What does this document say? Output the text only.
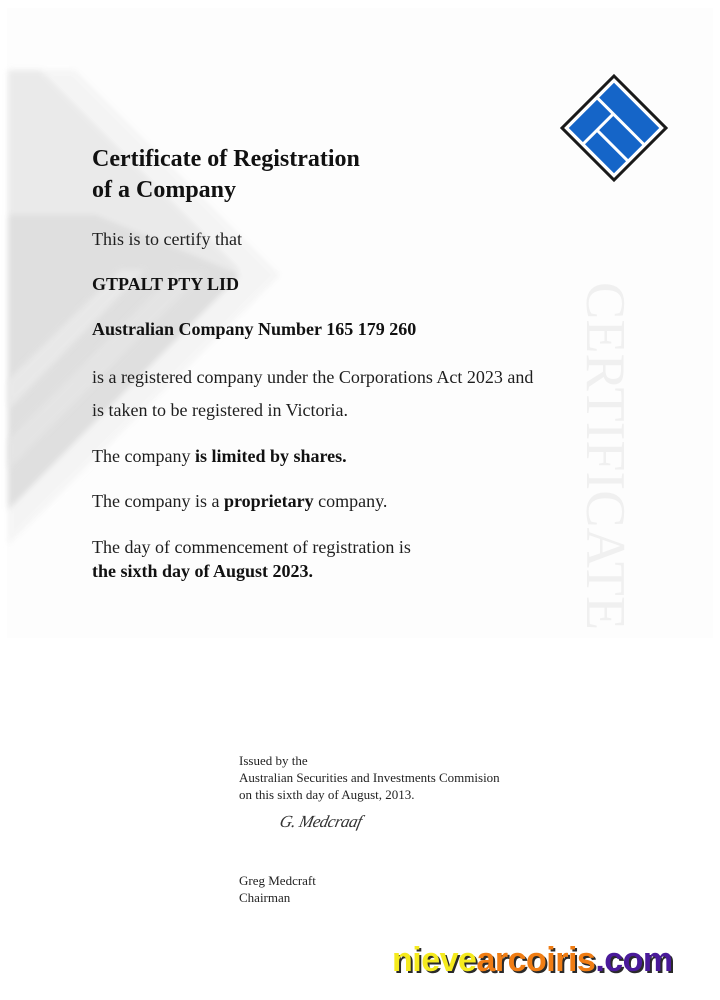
CERTIFICATE
Certificate of Registration
of a Company

This is to certify that

GTPALT PTY LID

Australian Company Number 165 179 260

is a registered company under the Corporations Act 2023 and

is taken to be registered in Victoria.

The company is limited by shares.

The company is a proprietary company.

The day of commencement of registration is

the sixth day of August 2023.

Issued by the
Australian Securities and Investments Commision
on this sixth day of August, 2013.
G. Medcraaf
Greg Medcraft
Chairman
nievearcoiris.com
